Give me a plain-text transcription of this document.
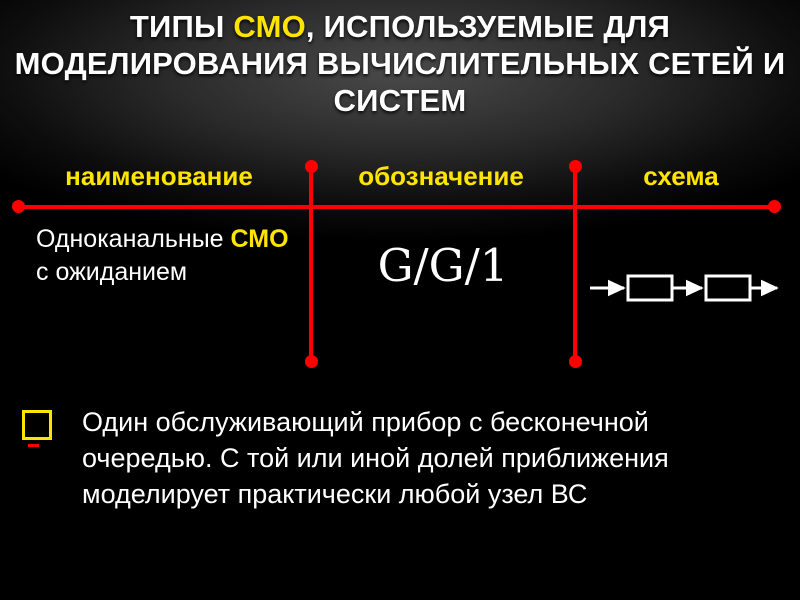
ТИПЫ СМО, ИСПОЛЬЗУЕМЫЕ ДЛЯ МОДЕЛИРОВАНИЯ ВЫЧИСЛИТЕЛЬНЫХ СЕТЕЙ И СИСТЕМ
наименование	обозначение	схема
Одноканальные СМО с ожиданием	G/G/1
Один обслуживающий прибор с бесконечной очередью. С той или иной долей приближения моделирует практически любой узел ВС
